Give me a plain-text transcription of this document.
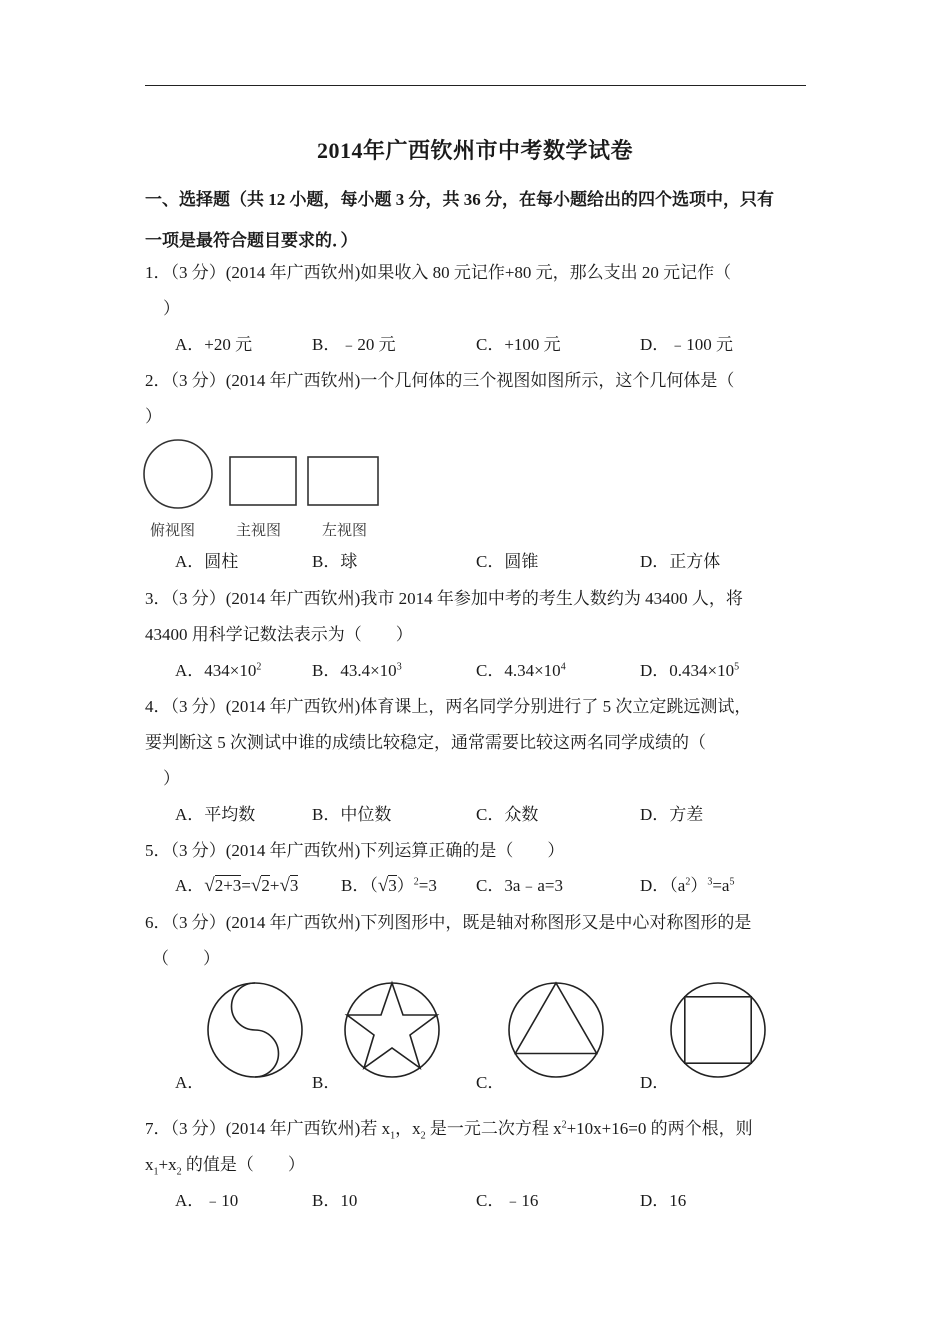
2014年广西钦州市中考数学试卷
一、选择题（共 12 小题，每小题 3 分，共 36 分，在每小题给出的四个选项中，只有
一项是最符合题目要求的．）
1．（3 分）(2014 年广西钦州)如果收入 80 元记作+80 元，那么支出 20 元记作（
）
A．+20 元	B．﹣20 元	C．+100 元	D．﹣100 元
2．（3 分）(2014 年广西钦州)一个几何体的三个视图如图所示，这个几何体是（
）
俯视图	主视图	左视图
A．圆柱	B．球	C．圆锥	D．正方体
3．（3 分）(2014 年广西钦州)我市 2014 年参加中考的考生人数约为 43400 人，将
43400 用科学记数法表示为（　　）
A．$434\times 10^2$	B．$43.4\times 10^3$	C．$4.34\times 10^4$	D．$0.434\times 10^5$
4．（3 分）(2014 年广西钦州)体育课上，两名同学分别进行了 5 次立定跳远测试，
要判断这 5 次测试中谁的成绩比较稳定，通常需要比较这两名同学成绩的（
）
A．平均数	B．中位数	C．众数	D．方差
5．（3 分）(2014 年广西钦州)下列运算正确的是（　　）
A．√2+3=√2+√3	B．$(√3)^2=3$ C．3a﹣a=3	D．$(a^2)^3=a^5$
6．（3 分）(2014 年广西钦州)下列图形中，既是轴对称图形又是中心对称图形的是
（　　）
A．	B．	C．	D．
7．（3 分）(2014 年广西钦州)若 $x_1$，$x_2$ 是一元二次方程 $x^2+10x+16=0$ 的两个根，则
$x_1+x_2$ 的值是（　　）
A．﹣10	B．10	C．﹣16	D．16
